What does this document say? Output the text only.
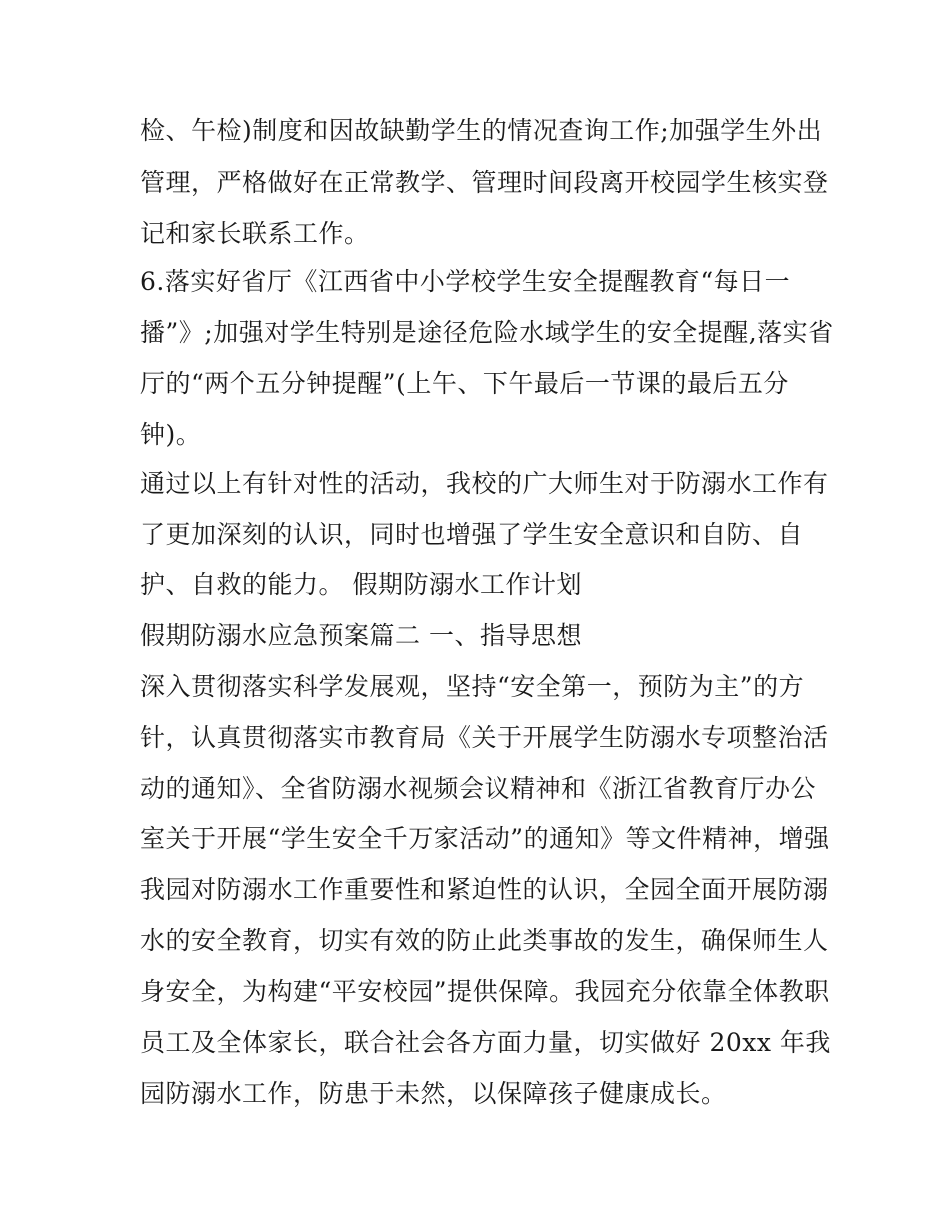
检、午检)制度和因故缺勤学生的情况查询工作;加强学生外出
管理，严格做好在正常教学、管理时间段离开校园学生核实登
记和家长联系工作。
6.落实好省厅《江西省中小学校学生安全提醒教育“每日一
播”》;加强对学生特别是途径危险水域学生的安全提醒,落实省
厅的“两个五分钟提醒”(上午、下午最后一节课的最后五分
钟)。
通过以上有针对性的活动，我校的广大师生对于防溺水工作有
了更加深刻的认识，同时也增强了学生安全意识和自防、自
护、自救的能力。 假期防溺水工作计划
假期防溺水应急预案篇二 一、指导思想
深入贯彻落实科学发展观，坚持“安全第一，预防为主”的方
针，认真贯彻落实市教育局《关于开展学生防溺水专项整治活
动的通知》、全省防溺水视频会议精神和《浙江省教育厅办公
室关于开展“学生安全千万家活动”的通知》等文件精神，增强
我园对防溺水工作重要性和紧迫性的认识，全园全面开展防溺
水的安全教育，切实有效的防止此类事故的发生，确保师生人
身安全，为构建“平安校园”提供保障。我园充分依靠全体教职
员工及全体家长，联合社会各方面力量，切实做好 20xx 年我
园防溺水工作，防患于未然，以保障孩子健康成长。
